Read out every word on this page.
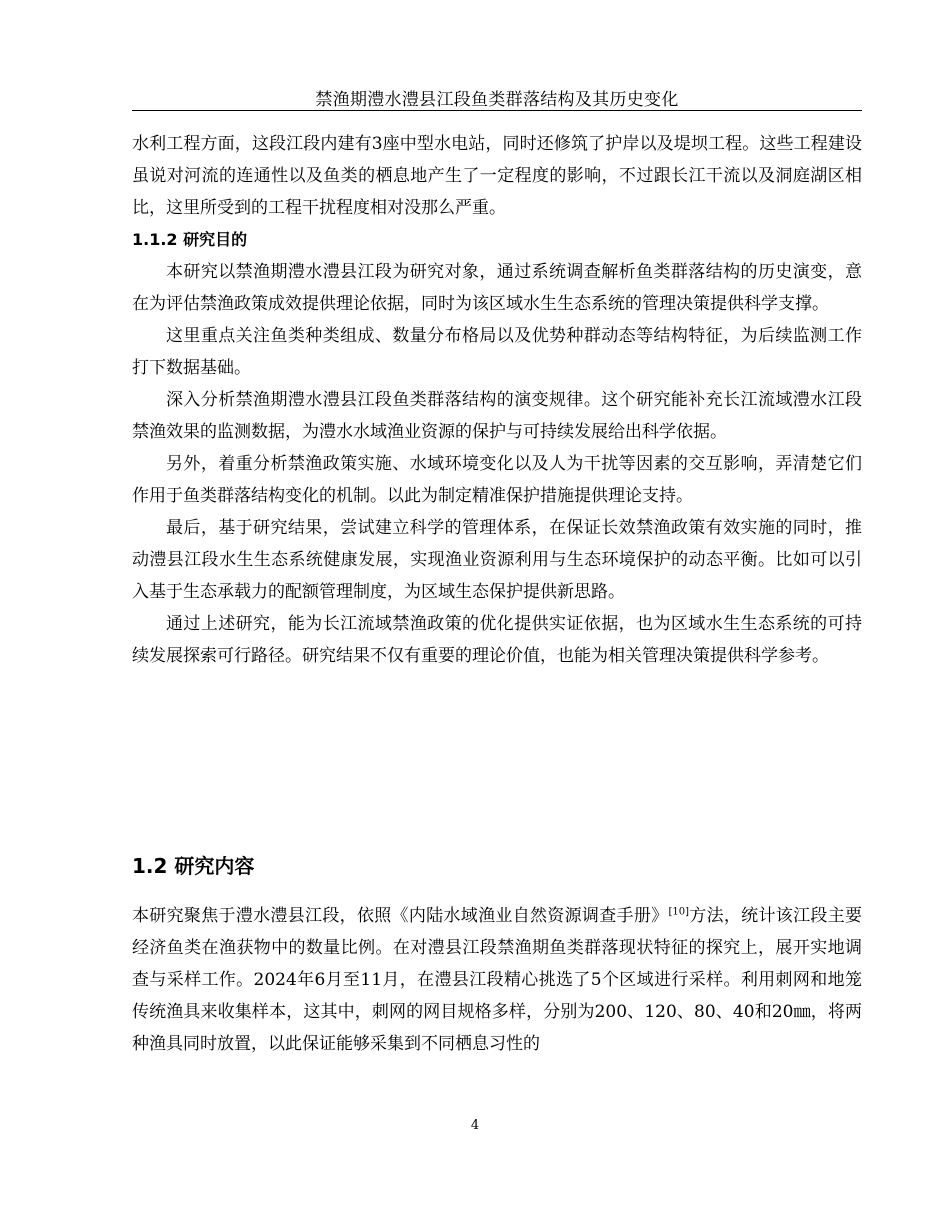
禁渔期澧水澧县江段鱼类群落结构及其历史变化

水利工程方面，这段江段内建有3座中型水电站，同时还修筑了护岸以及堤坝工程。这些工程建设虽说对河流的连通性以及鱼类的栖息地产生了一定程度的影响，不过跟长江干流以及洞庭湖区相比，这里所受到的工程干扰程度相对没那么严重。

1.1.2 研究目的

本研究以禁渔期澧水澧县江段为研究对象，通过系统调查解析鱼类群落结构的历史演变，意在为评估禁渔政策成效提供理论依据，同时为该区域水生生态系统的管理决策提供科学支撑。

这里重点关注鱼类种类组成、数量分布格局以及优势种群动态等结构特征，为后续监测工作打下数据基础。

深入分析禁渔期澧水澧县江段鱼类群落结构的演变规律。这个研究能补充长江流域澧水江段禁渔效果的监测数据，为澧水水域渔业资源的保护与可持续发展给出科学依据。

另外，着重分析禁渔政策实施、水域环境变化以及人为干扰等因素的交互影响，弄清楚它们作用于鱼类群落结构变化的机制。以此为制定精准保护措施提供理论支持。

最后，基于研究结果，尝试建立科学的管理体系，在保证长效禁渔政策有效实施的同时，推动澧县江段水生生态系统健康发展，实现渔业资源利用与生态环境保护的动态平衡。比如可以引入基于生态承载力的配额管理制度，为区域生态保护提供新思路。

通过上述研究，能为长江流域禁渔政策的优化提供实证依据，也为区域水生生态系统的可持续发展探索可行路径。研究结果不仅有重要的理论价值，也能为相关管理决策提供科学参考。

1.2 研究内容

本研究聚焦于澧水澧县江段，依照《内陆水域渔业自然资源调查手册》[10]方法，统计该江段主要经济鱼类在渔获物中的数量比例。在对澧县江段禁渔期鱼类群落现状特征的探究上，展开实地调查与采样工作。2024年6月至11月，在澧县江段精心挑选了5个区域进行采样。利用刺网和地笼传统渔具来收集样本，这其中，刺网的网目规格多样，分别为200、120、80、40和20㎜，将两种渔具同时放置，以此保证能够采集到不同栖息习性的

4
